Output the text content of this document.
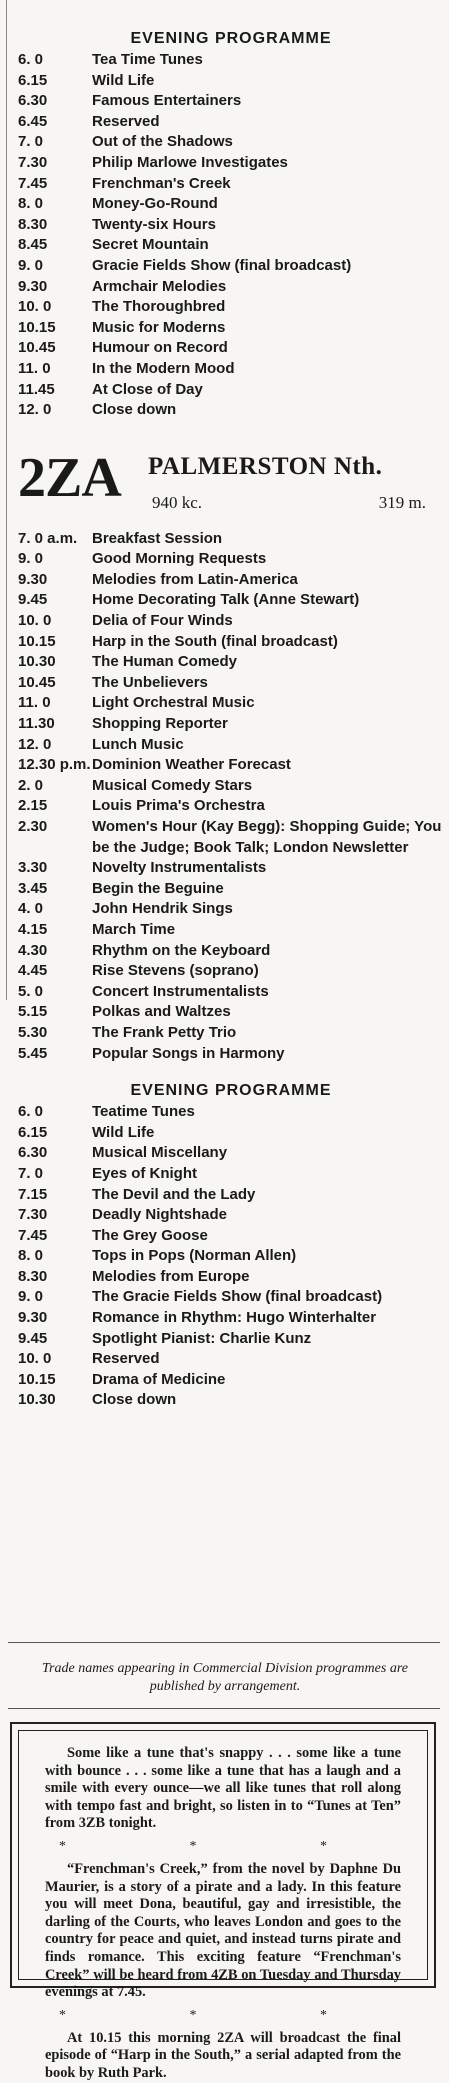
EVENING PROGRAMME
6. 0	Tea Time Tunes
6.15	Wild Life
6.30	Famous Entertainers
6.45	Reserved
7. 0	Out of the Shadows
7.30	Philip Marlowe Investigates
7.45	Frenchman's Creek
8. 0	Money-Go-Round
8.30	Twenty-six Hours
8.45	Secret Mountain
9. 0	Gracie Fields Show (final broadcast)
9.30	Armchair Melodies
10. 0	The Thoroughbred
10.15	Music for Moderns
10.45	Humour on Record
11. 0	In the Modern Mood
11.45	At Close of Day
12. 0	Close down
2ZA PALMERSTON Nth.
940 kc.	319 m.
7. 0 a.m. Breakfast Session
9. 0	Good Morning Requests
9.30	Melodies from Latin-America
9.45	Home Decorating Talk (Anne Stewart)
10. 0	Delia of Four Winds
10.15	Harp in the South (final broadcast)
10.30	The Human Comedy
10.45	The Unbelievers
11. 0	Light Orchestral Music
11.30	Shopping Reporter
12. 0	Lunch Music
12.30 p.m. Dominion Weather Forecast
2. 0	Musical Comedy Stars
2.15	Louis Prima's Orchestra
2.30	Women's Hour (Kay Begg): Shopping Guide; You be the Judge; Book Talk; London Newsletter
3.30	Novelty Instrumentalists
3.45	Begin the Beguine
4. 0	John Hendrik Sings
4.15	March Time
4.30	Rhythm on the Keyboard
4.45	Rise Stevens (soprano)
5. 0	Concert Instrumentalists
5.15	Polkas and Waltzes
5.30	The Frank Petty Trio
5.45	Popular Songs in Harmony
EVENING PROGRAMME
6. 0	Teatime Tunes
6.15	Wild Life
6.30	Musical Miscellany
7. 0	Eyes of Knight
7.15	The Devil and the Lady
7.30	Deadly Nightshade
7.45	The Grey Goose
8. 0	Tops in Pops (Norman Allen)
8.30	Melodies from Europe
9. 0	The Gracie Fields Show (final broadcast)
9.30	Romance in Rhythm: Hugo Winterhalter
9.45	Spotlight Pianist: Charlie Kunz
10. 0	Reserved
10.15	Drama of Medicine
10.30	Close down
Trade names appearing in Commercial Division programmes are published by arrangement.

Some like a tune that's snappy . . . some like a tune with bounce . . . some like a tune that has a laugh and a smile with every ounce—we all like tunes that roll along with tempo fast and bright, so listen in to “Tunes at Ten” from 3ZB tonight.

* * *

“Frenchman's Creek,” from the novel by Daphne Du Maurier, is a story of a pirate and a lady. In this feature you will meet Dona, beautiful, gay and irresistible, the darling of the Courts, who leaves London and goes to the country for peace and quiet, and instead turns pirate and finds romance. This exciting feature “Frenchman's Creek” will be heard from 4ZB on Tuesday and Thursday evenings at 7.45.

* * *

At 10.15 this morning 2ZA will broadcast the final episode of “Harp in the South,” a serial adapted from the book by Ruth Park.
